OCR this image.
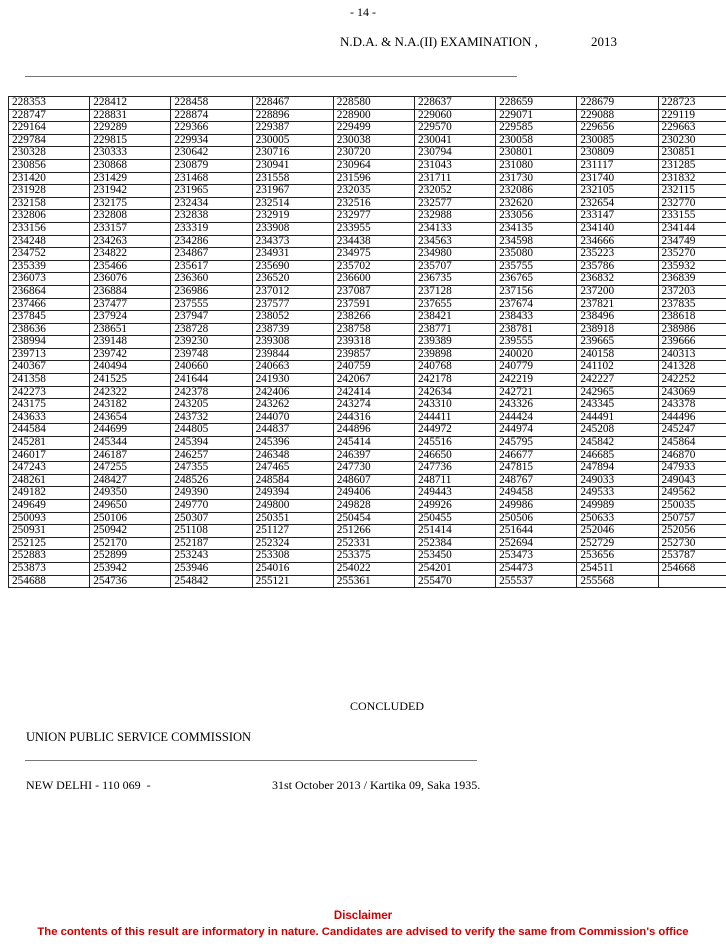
- 14 -
N.D.A. & N.A.(II) EXAMINATION ,	2013
228353	228412	228458	228467	228580	228637	228659	228679	228723
228747	228831	228874	228896	228900	229060	229071	229088	229119
229164	229289	229366	229387	229499	229570	229585	229656	229663
229784	229815	229934	230005	230038	230041	230058	230085	230230
230328	230333	230642	230716	230720	230794	230801	230809	230851
230856	230868	230879	230941	230964	231043	231080	231117	231285
231420	231429	231468	231558	231596	231711	231730	231740	231832
231928	231942	231965	231967	232035	232052	232086	232105	232115
232158	232175	232434	232514	232516	232577	232620	232654	232770
232806	232808	232838	232919	232977	232988	233056	233147	233155
233156	233157	233319	233908	233955	234133	234135	234140	234144
234248	234263	234286	234373	234438	234563	234598	234666	234749
234752	234822	234867	234931	234975	234980	235080	235223	235270
235339	235466	235617	235690	235702	235707	235755	235786	235932
236073	236076	236360	236520	236600	236735	236765	236832	236839
236864	236884	236986	237012	237087	237128	237156	237200	237203
237466	237477	237555	237577	237591	237655	237674	237821	237835
237845	237924	237947	238052	238266	238421	238433	238496	238618
238636	238651	238728	238739	238758	238771	238781	238918	238986
238994	239148	239230	239308	239318	239389	239555	239665	239666
239713	239742	239748	239844	239857	239898	240020	240158	240313
240367	240494	240660	240663	240759	240768	240779	241102	241328
241358	241525	241644	241930	242067	242178	242219	242227	242252
242273	242322	242378	242406	242414	242634	242721	242965	243069
243175	243182	243205	243262	243274	243310	243326	243345	243378
243633	243654	243732	244070	244316	244411	244424	244491	244496
244584	244699	244805	244837	244896	244972	244974	245208	245247
245281	245344	245394	245396	245414	245516	245795	245842	245864
246017	246187	246257	246348	246397	246650	246677	246685	246870
247243	247255	247355	247465	247730	247736	247815	247894	247933
248261	248427	248526	248584	248607	248711	248767	249033	249043
249182	249350	249390	249394	249406	249443	249458	249533	249562
249649	249650	249770	249800	249828	249926	249986	249989	250035
250093	250106	250307	250351	250454	250455	250506	250633	250757
250931	250942	251108	251127	251266	251414	251644	252046	252056
252125	252170	252187	252324	252331	252384	252694	252729	252730
252883	252899	253243	253308	253375	253450	253473	253656	253787
253873	253942	253946	254016	254022	254201	254473	254511	254668
254688	254736	254842	255121	255361	255470	255537	255568	
CONCLUDED
UNION PUBLIC SERVICE COMMISSION
NEW DELHI - 110 069  -	31st October 2013 / Kartika 09, Saka 1935.
Disclaimer
The contents of this result are informatory in nature. Candidates are advised to verify the same from Commission's office
